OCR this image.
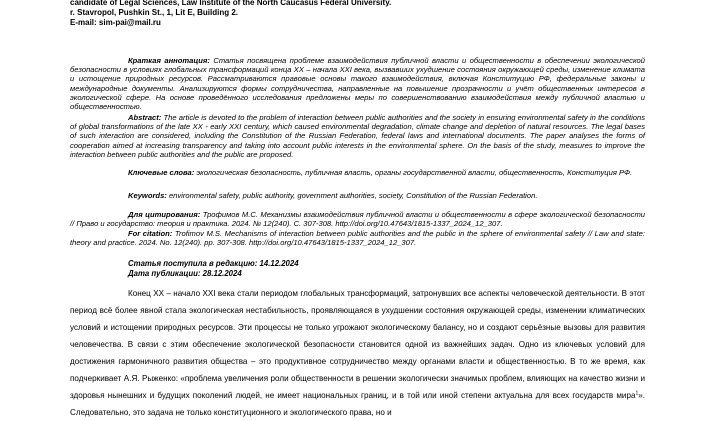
candidate of Legal Sciences, Law Institute of the North Caucasus Federal University.
r. Stavropol, Pushkin St., 1, Lit E, Building 2.
E-mail: sim-pai@mail.ru
Краткая аннотация: Статья посвящена проблеме взаимодействия публичной власти и общественности в обеспечении экологической безопасности в условиях глобальных трансформаций конца XX – начала XXI века, вызвавших ухудшение состояния окружающей среды, изменение климата и истощение природных ресурсов. Рассматриваются правовые основы такого взаимодействия, включая Конституцию РФ, федеральные законы и международные документы. Анализируются формы сотрудничества, направленные на повышение прозрачности и учёт общественных интересов в экологической сфере. На основе проведённого исследования предложены меры по совершенствованию взаимодействия между публичной властью и общественностью.
Abstract: The article is devoted to the problem of interaction between public authorities and the society in ensuring environmental safety in the conditions of global transformations of the late XX - early XXI century, which caused environmental degradation, climate change and depletion of natural resources. The legal bases of such interaction are considered, including the Constitution of the Russian Federation, federal laws and international documents. The paper analyses the forms of cooperation aimed at increasing transparency and taking into account public interests in the environmental sphere. On the basis of the study, measures to improve the interaction between public authorities and the public are proposed.
Ключевые слова: экологическая безопасность, публичная власть, органы государственной власти, общественность, Конституция РФ.
Keywords: environmental safety, public authority, government authorities, society, Constitution of the Russian Federation.
Для цитирования: Трофимов М.С. Механизмы взаимодействия публичной власти и общественности в сфере экологической безопасности // Право и государство: теория и практика. 2024. № 12(240). С. 307-308. http://doi.org/10.47643/1815-1337_2024_12_307.
For citation: Trofimov M.S. Mechanisms of interaction between public authorities and the public in the sphere of environmental safety // Law and state: theory and practice. 2024. No. 12(240). pp. 307-308. http://doi.org/10.47643/1815-1337_2024_12_307.
Статья поступила в редакцию: 14.12.2024
Дата публикации: 28.12.2024
Конец XX – начало XXI века стали периодом глобальных трансформаций, затронувших все аспекты человеческой деятельности. В этот период всё более явной стала экологическая нестабильность, проявляющаяся в ухудшении состояния окружающей среды, изменении климатических условий и истощении природных ресурсов. Эти процессы не только угрожают экологическому балансу, но и создают серьёзные вызовы для развития человечества. В связи с этим обеспечение экологической безопасности становится одной из важнейших задач. Одно из ключевых условий для достижения гармоничного развития общества – это продуктивное сотрудничество между органами власти и общественностью. В то же время, как подчеркивает А.Я. Рыженко: «проблема увеличения роли общественности в решении экологически значимых проблем, влияющих на качество жизни и здоровья нынешних и будущих поколений людей, не имеет национальных границ, и в той или иной степени актуальна для всех государств мира$^1$». Следовательно, это задача не только конституционного и экологического права, но и
